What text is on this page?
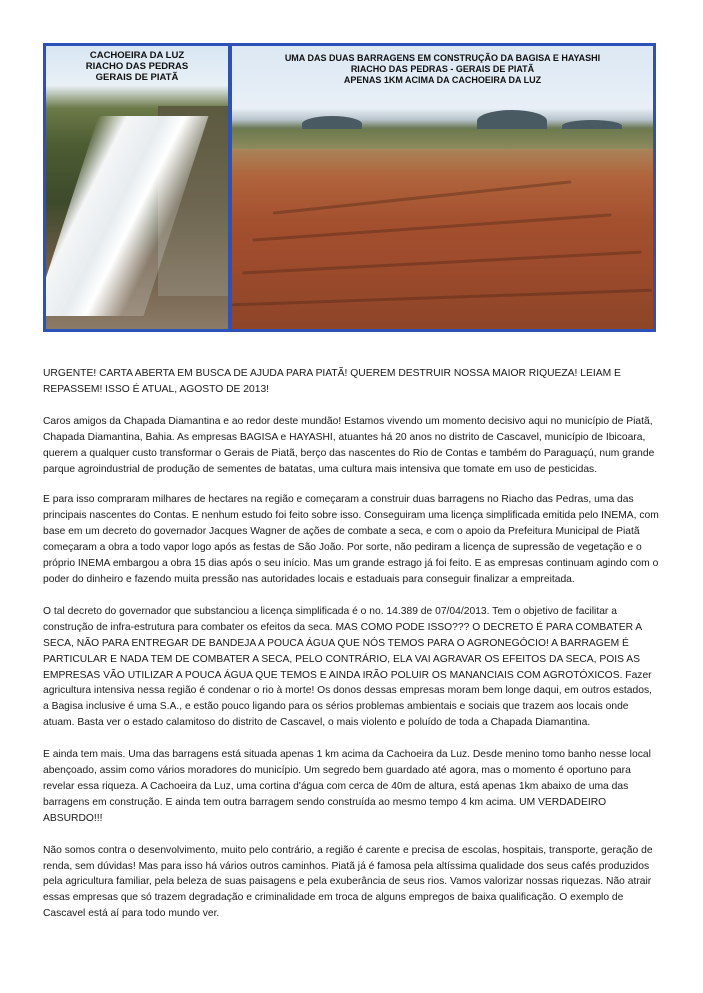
CACHOEIRA DA LUZ
RIACHO DAS PEDRAS
GERAIS DE PIATÃ
UMA DAS DUAS BARRAGENS EM CONSTRUÇÃO DA BAGISA E HAYASHI
RIACHO DAS PEDRAS - GERAIS DE PIATÃ
APENAS 1KM ACIMA DA CACHOEIRA DA LUZ

URGENTE! CARTA ABERTA EM BUSCA DE AJUDA PARA PIATÃ! QUEREM DESTRUIR NOSSA MAIOR RIQUEZA! LEIAM E REPASSEM! ISSO É ATUAL, AGOSTO DE 2013!

Caros amigos da Chapada Diamantina e ao redor deste mundão! Estamos vivendo um momento decisivo aqui no município de Piatã, Chapada Diamantina, Bahia. As empresas BAGISA e HAYASHI, atuantes há 20 anos no distrito de Cascavel, município de Ibicoara, querem a qualquer custo transformar o Gerais de Piatã, berço das nascentes do Rio de Contas e também do Paraguaçú, num grande parque agroindustrial de produção de sementes de batatas, uma cultura mais intensiva que tomate em uso de pesticidas.

E para isso compraram milhares de hectares na região e começaram a construir duas barragens no Riacho das Pedras, uma das principais nascentes do Contas. E nenhum estudo foi feito sobre isso. Conseguiram uma licença simplificada emitida pelo INEMA, com base em um decreto do governador Jacques Wagner de ações de combate a seca, e com o apoio da Prefeitura Municipal de Piatã começaram a obra a todo vapor logo após as festas de São João. Por sorte, não pediram a licença de supressão de vegetação e o próprio INEMA embargou a obra 15 dias após o seu início. Mas um grande estrago já foi feito. E as empresas continuam agindo com o poder do dinheiro e fazendo muita pressão nas autoridades locais e estaduais para conseguir finalizar a empreitada.

O tal decreto do governador que substanciou a licença simplificada é o no. 14.389 de 07/04/2013. Tem o objetivo de facilitar a construção de infra-estrutura para combater os efeitos da seca. MAS COMO PODE ISSO??? O DECRETO É PARA COMBATER A SECA, NÃO PARA ENTREGAR DE BANDEJA A POUCA ÁGUA QUE NÓS TEMOS PARA O AGRONEGÓCIO! A BARRAGEM É PARTICULAR E NADA TEM DE COMBATER A SECA, PELO CONTRÁRIO, ELA VAI AGRAVAR OS EFEITOS DA SECA, POIS AS EMPRESAS VÃO UTILIZAR A POUCA ÁGUA QUE TEMOS E AINDA IRÃO POLUIR OS MANANCIAIS COM AGROTÓXICOS. Fazer agricultura intensiva nessa região é condenar o rio à morte! Os donos dessas empresas moram bem longe daqui, em outros estados, a Bagisa inclusive é uma S.A., e estão pouco ligando para os sérios problemas ambientais e sociais que trazem aos locais onde atuam. Basta ver o estado calamitoso do distrito de Cascavel, o mais violento e poluído de toda a Chapada Diamantina.

E ainda tem mais. Uma das barragens está situada apenas 1 km acima da Cachoeira da Luz. Desde menino tomo banho nesse local abençoado, assim como vários moradores do município. Um segredo bem guardado até agora, mas o momento é oportuno para revelar essa riqueza. A Cachoeira da Luz, uma cortina d'água com cerca de 40m de altura, está apenas 1km abaixo de uma das barragens em construção. E ainda tem outra barragem sendo construída ao mesmo tempo 4 km acima. UM VERDADEIRO ABSURDO!!!

Não somos contra o desenvolvimento, muito pelo contrário, a região é carente e precisa de escolas, hospitais, transporte, geração de renda, sem dúvidas! Mas para isso há vários outros caminhos. Piatã já é famosa pela altíssima qualidade dos seus cafés produzidos pela agricultura familiar, pela beleza de suas paisagens e pela exuberância de seus rios. Vamos valorizar nossas riquezas. Não atrair essas empresas que só trazem degradação e criminalidade em troca de alguns empregos de baixa qualificação. O exemplo de Cascavel está aí para todo mundo ver.
